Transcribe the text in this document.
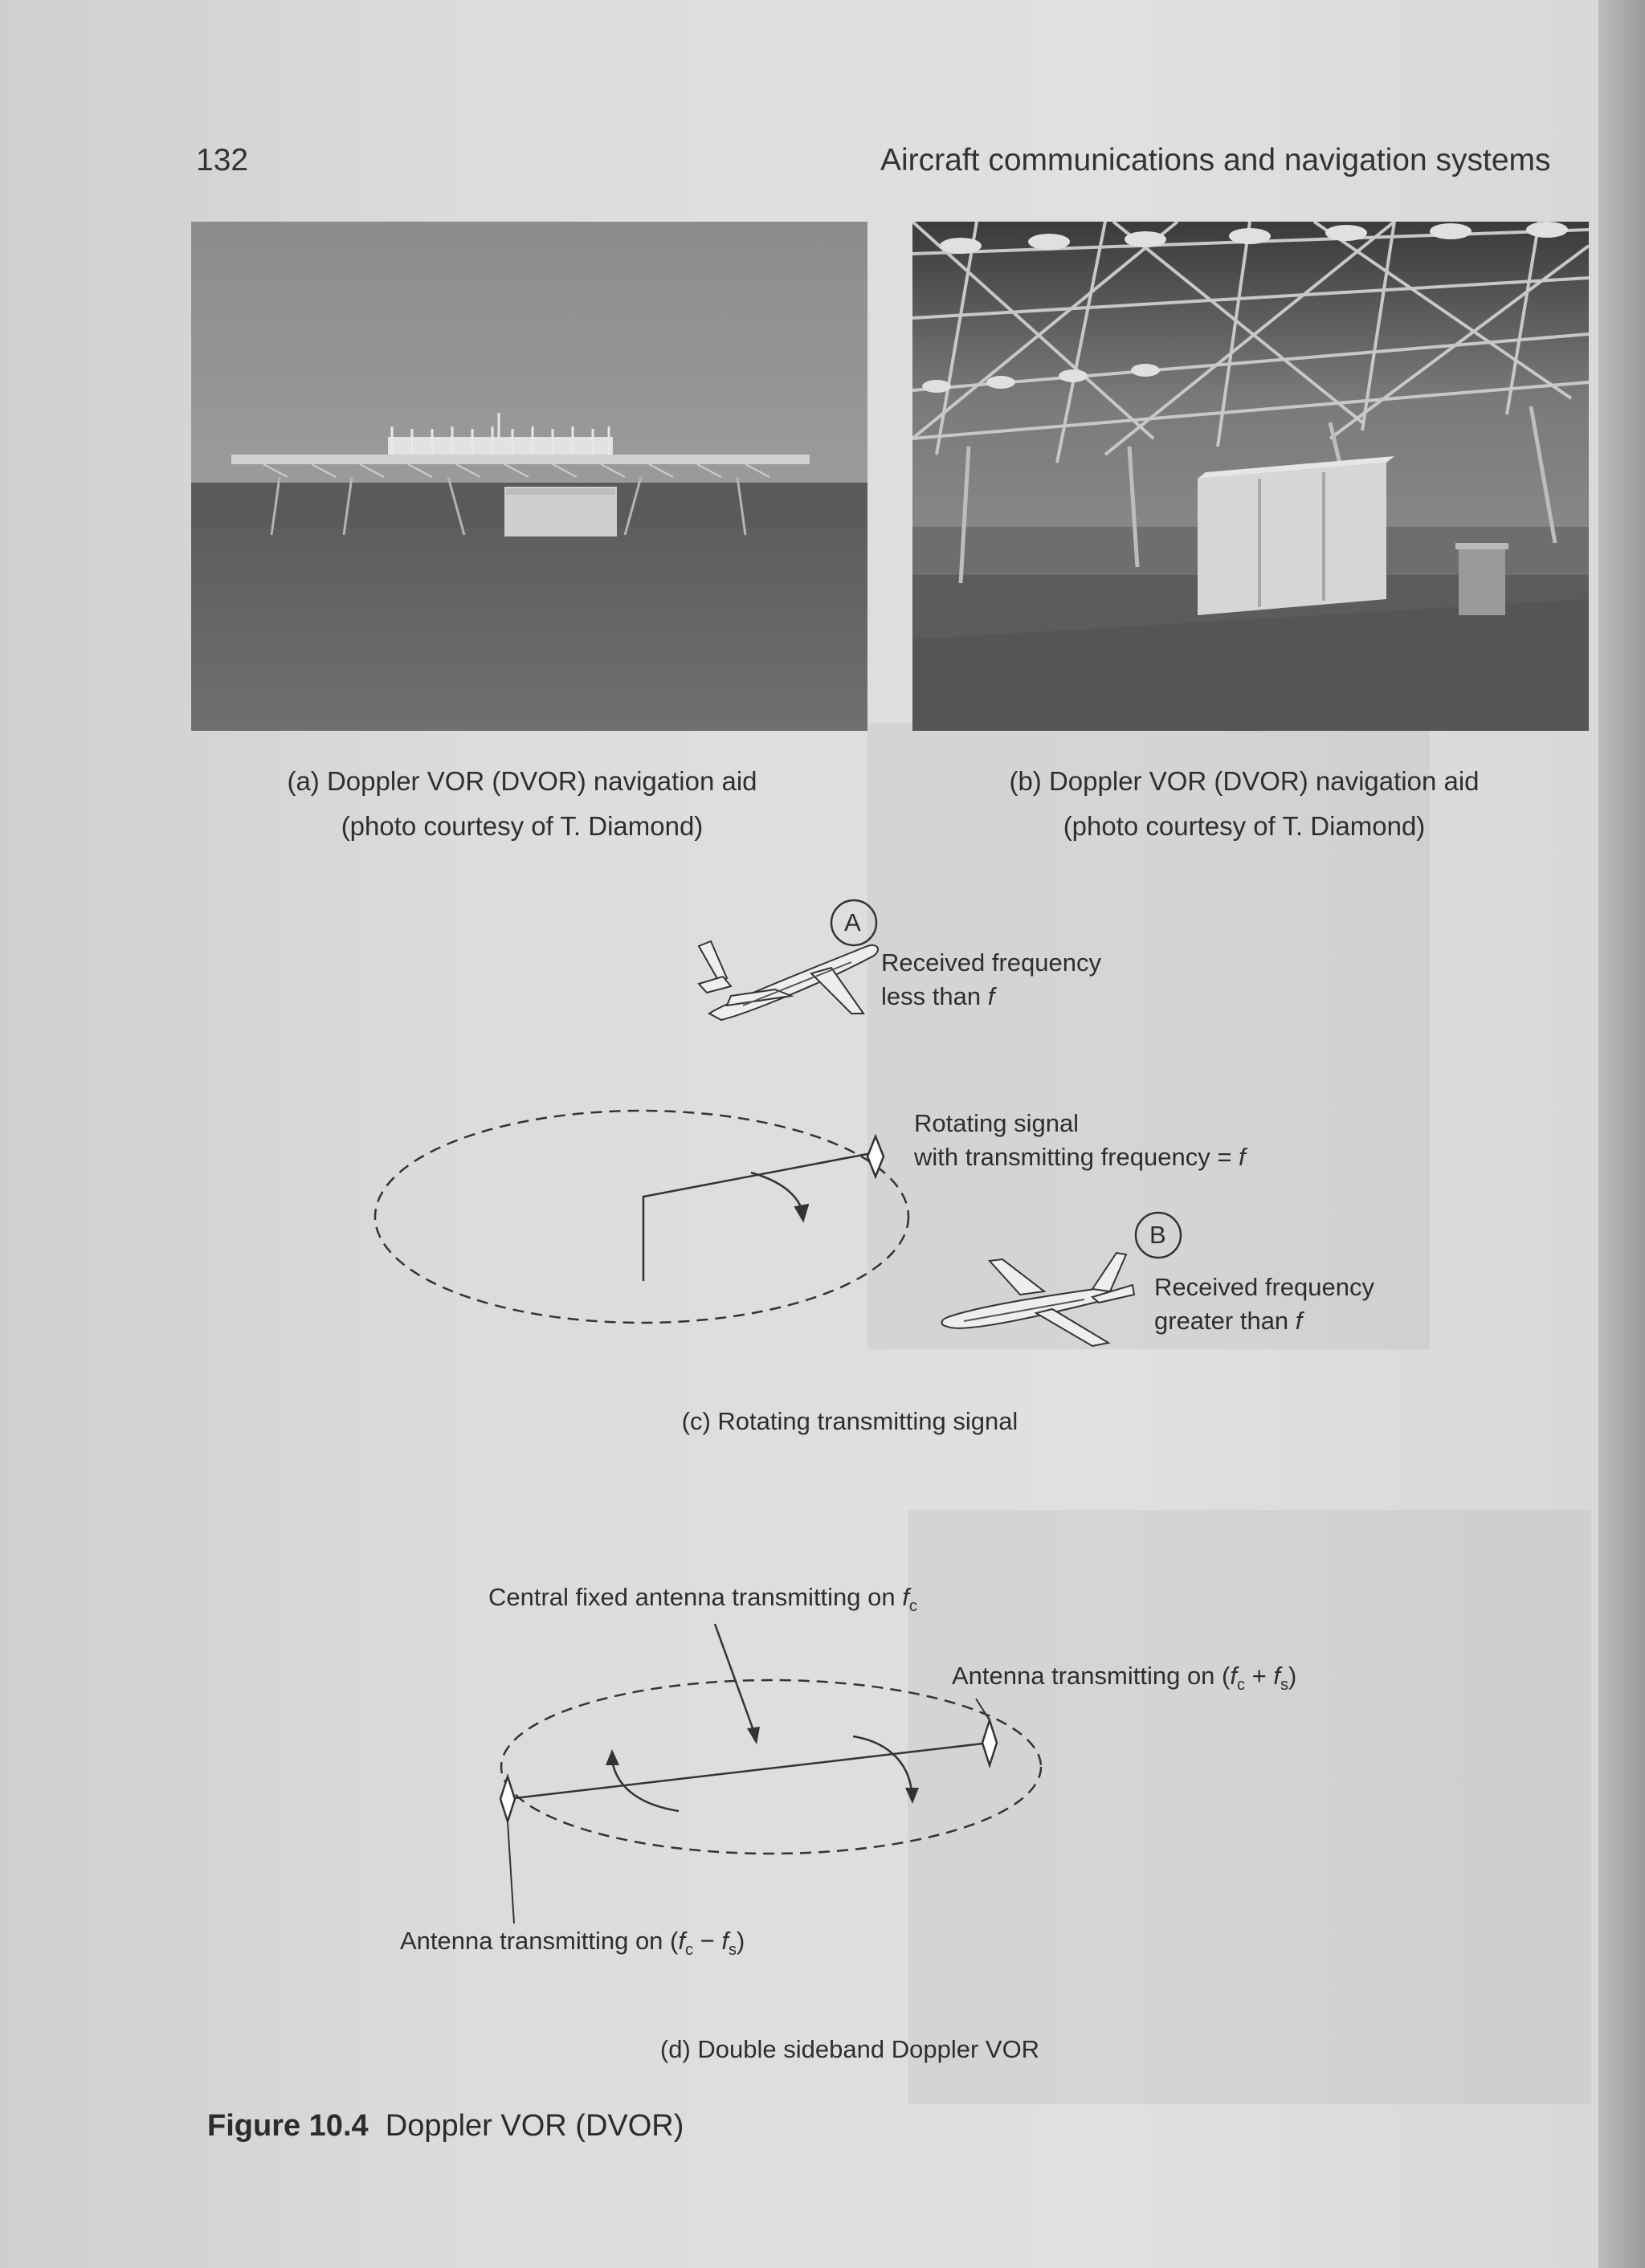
132	Aircraft communications and navigation systems
(a) Doppler VOR (DVOR) navigation aid
(photo courtesy of T. Diamond)
(b) Doppler VOR (DVOR) navigation aid
(photo courtesy of T. Diamond)
A
B
Received frequency
less than f
Rotating signal
with transmitting frequency = f
Received frequency
greater than f
(c) Rotating transmitting signal
Central fixed antenna transmitting on $f_c$
Antenna transmitting on $(f_c + f_s)$
Antenna transmitting on $(f_c - f_s)$
(d) Double sideband Doppler VOR
Figure 10.4 Doppler VOR (DVOR)
